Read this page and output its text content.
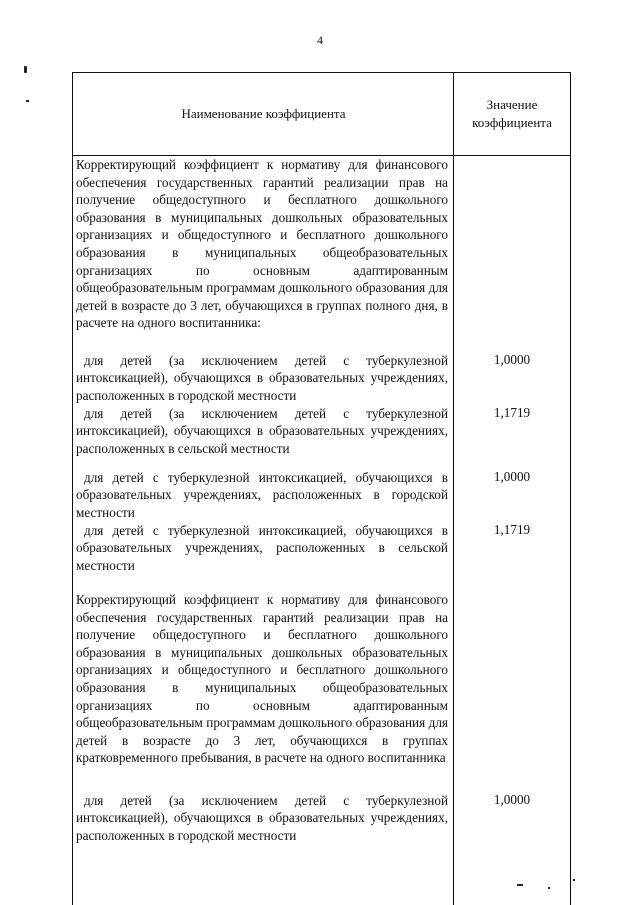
4
Наименование коэффициента
Значение
коэффициента
Корректирующий коэффициент к нормативу для финансового обеспечения государственных гарантий реализации прав на получение общедоступного и бесплатного дошкольного образования в муниципальных дошкольных образовательных организациях и общедоступного и бесплатного дошкольного образования в муниципальных общеобразовательных организациях по основным адаптированным общеобразовательным программам дошкольного образования для детей в возрасте до 3 лет, обучающихся в группах полного дня, в расчете на одного воспитанника:
для детей (за исключением детей с туберкулезной интоксикацией), обучающихся в образовательных учреждениях, расположенных в городской местности
1,0000
для детей (за исключением детей с туберкулезной интоксикацией), обучающихся в образовательных учреждениях, расположенных в сельской местности
1,1719
для детей с туберкулезной интоксикацией, обучающихся в образовательных учреждениях, расположенных в городской местности
1,0000
для детей с туберкулезной интоксикацией, обучающихся в образовательных учреждениях, расположенных в сельской местности
1,1719
Корректирующий коэффициент к нормативу для финансового обеспечения государственных гарантий реализации прав на получение общедоступного и бесплатного дошкольного образования в муниципальных дошкольных образовательных организациях и общедоступного и бесплатного дошкольного образования в муниципальных общеобразовательных организациях по основным адаптированным общеобразовательным программам дошкольного образования для детей в возрасте до 3 лет, обучающихся в группах кратковременного пребывания, в расчете на одного воспитанника
для детей (за исключением детей с туберкулезной интоксикацией), обучающихся в образовательных учреждениях, расположенных в городской местности
1,0000
